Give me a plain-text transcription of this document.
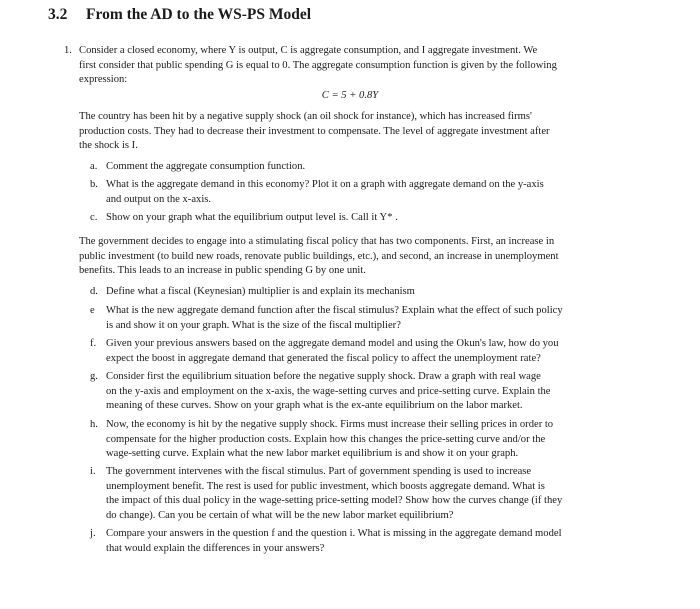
3.2 From the AD to the WS-PS Model
1. Consider a closed economy, where Y is output, C is aggregate consumption, and I aggregate investment. We
first consider that public spending G is equal to 0. The aggregate consumption function is given by the following
expression:
C = 5 + 0.8Y
The country has been hit by a negative supply shock (an oil shock for instance), which has increased firms'
production costs. They had to decrease their investment to compensate. The level of aggregate investment after
the shock is I.
a. Comment the aggregate consumption function.
b. What is the aggregate demand in this economy? Plot it on a graph with aggregate demand on the y-axis
and output on the x-axis.
c. Show on your graph what the equilibrium output level is. Call it Y* .
The government decides to engage into a stimulating fiscal policy that has two components. First, an increase in
public investment (to build new roads, renovate public buildings, etc.), and second, an increase in unemployment
benefits. This leads to an increase in public spending G by one unit.
d. Define what a fiscal (Keynesian) multiplier is and explain its mechanism
e What is the new aggregate demand function after the fiscal stimulus? Explain what the effect of such policy
is and show it on your graph. What is the size of the fiscal multiplier?
f. Given your previous answers based on the aggregate demand model and using the Okun's law, how do you
expect the boost in aggregate demand that generated the fiscal policy to affect the unemployment rate?
g. Consider first the equilibrium situation before the negative supply shock. Draw a graph with real wage
on the y-axis and employment on the x-axis, the wage-setting curves and price-setting curve. Explain the
meaning of these curves. Show on your graph what is the ex-ante equilibrium on the labor market.
h. Now, the economy is hit by the negative supply shock. Firms must increase their selling prices in order to
compensate for the higher production costs. Explain how this changes the price-setting curve and/or the
wage-setting curve. Explain what the new labor market equilibrium is and show it on your graph.
i. The government intervenes with the fiscal stimulus. Part of government spending is used to increase
unemployment benefit. The rest is used for public investment, which boosts aggregate demand. What is
the impact of this dual policy in the wage-setting price-setting model? Show how the curves change (if they
do change). Can you be certain of what will be the new labor market equilibrium?
j. Compare your answers in the question f and the question i. What is missing in the aggregate demand model
that would explain the differences in your answers?
